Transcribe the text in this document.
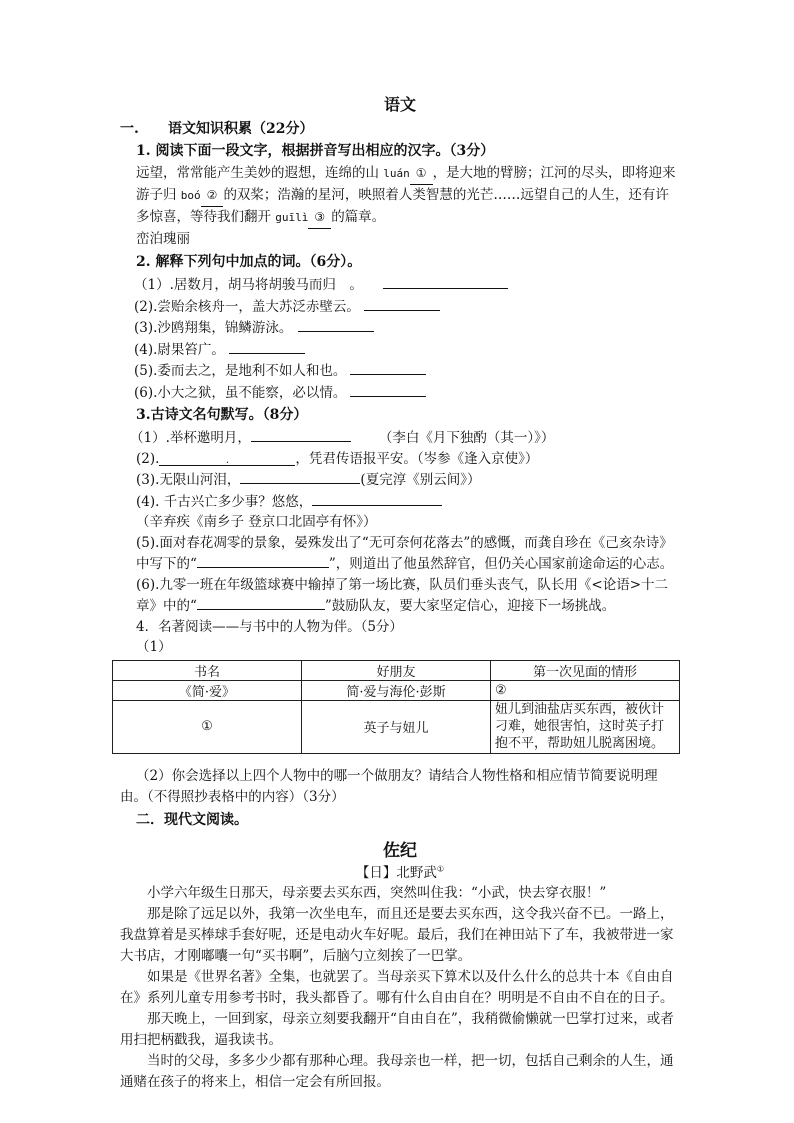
语文
一. 语文知识积累（22分）
1. 阅读下面一段文字，根据拼音写出相应的汉字。（3分）
远望，常常能产生美妙的遐想，连绵的山 luán ① ，是大地的臂膀；江河的尽头，即将迎来游子归 boó ② 的双桨；浩瀚的星河，映照着人类智慧的光芒……远望自己的人生，还有许多惊喜，等待我们翻开 guīlì ③ 的篇章。
峦泊瑰丽
2. 解释下列句中加点的词。（6分）。
（1）.居数月，胡马将胡骏马而归　。
(2).尝贻余核舟一，盖大苏泛赤壁云。
(3).沙鸥翔集，锦鳞游泳。
(4).尉果笞广。
(5).委而去之，是地利不如人和也。
(6).小大之狱，虽不能察，必以情。
3.古诗文名句默写。（8分）
（1）.举杯邀明月，	（李白《月下独酌（其一）》）
(2).	.	，凭君传语报平安。（岑参《逢入京使》）
(3).无限山河泪，	(夏完淳《别云间》）
(4). 千古兴亡多少事？悠悠，（辛弃疾《南乡子 登京口北固亭有怀》）
(5).面对春花凋零的景象，晏殊发出了“无可奈何花落去”的感慨，而龚自珍在《己亥杂诗》中写下的“	”，则道出了他虽然辞官，但仍关心国家前途命运的心志。
(6).九零一班在年级篮球赛中输掉了第一场比赛，队员们垂头丧气，队长用《<论语>十二章》中的“	”鼓励队友，要大家坚定信心，迎接下一场挑战。
4．名著阅读——与书中的人物为伴。（5分）
（1）
书名	好朋友	第一次见面的情形
《简·爱》	简·爱与海伦·彭斯	②
①	英子与妞儿	妞儿到油盐店买东西，被伙计刁难，她很害怕，这时英子打抱不平，帮助妞儿脱离困境。
（2）你会选择以上四个人物中的哪一个做朋友？请结合人物性格和相应情节简要说明理由。（不得照抄表格中的内容）（3分）
二．现代文阅读。
佐纪
【日】北野武①

小学六年级生日那天，母亲要去买东西，突然叫住我：“小武，快去穿衣服！”

那是除了远足以外，我第一次坐电车，而且还是要去买东西，这令我兴奋不已。一路上，我盘算着是买棒球手套好呢，还是电动火车好呢。最后，我们在神田站下了车，我被带进一家大书店，才刚嘟囔一句“买书啊”，后脑勺立刻挨了一巴掌。

如果是《世界名著》全集，也就罢了。当母亲买下算术以及什么什么的总共十本《自由自在》系列儿童专用参考书时，我头都昏了。哪有什么自由自在？明明是不自由不自在的日子。

那天晚上，一回到家，母亲立刻要我翻开“自由自在”，我稍微偷懒就一巴掌打过来，或者用扫把柄戳我，逼我读书。

当时的父母，多多少少都有那种心理。我母亲也一样，把一切，包括自己剩余的人生，通通赌在孩子的将来上，相信一定会有所回报。
